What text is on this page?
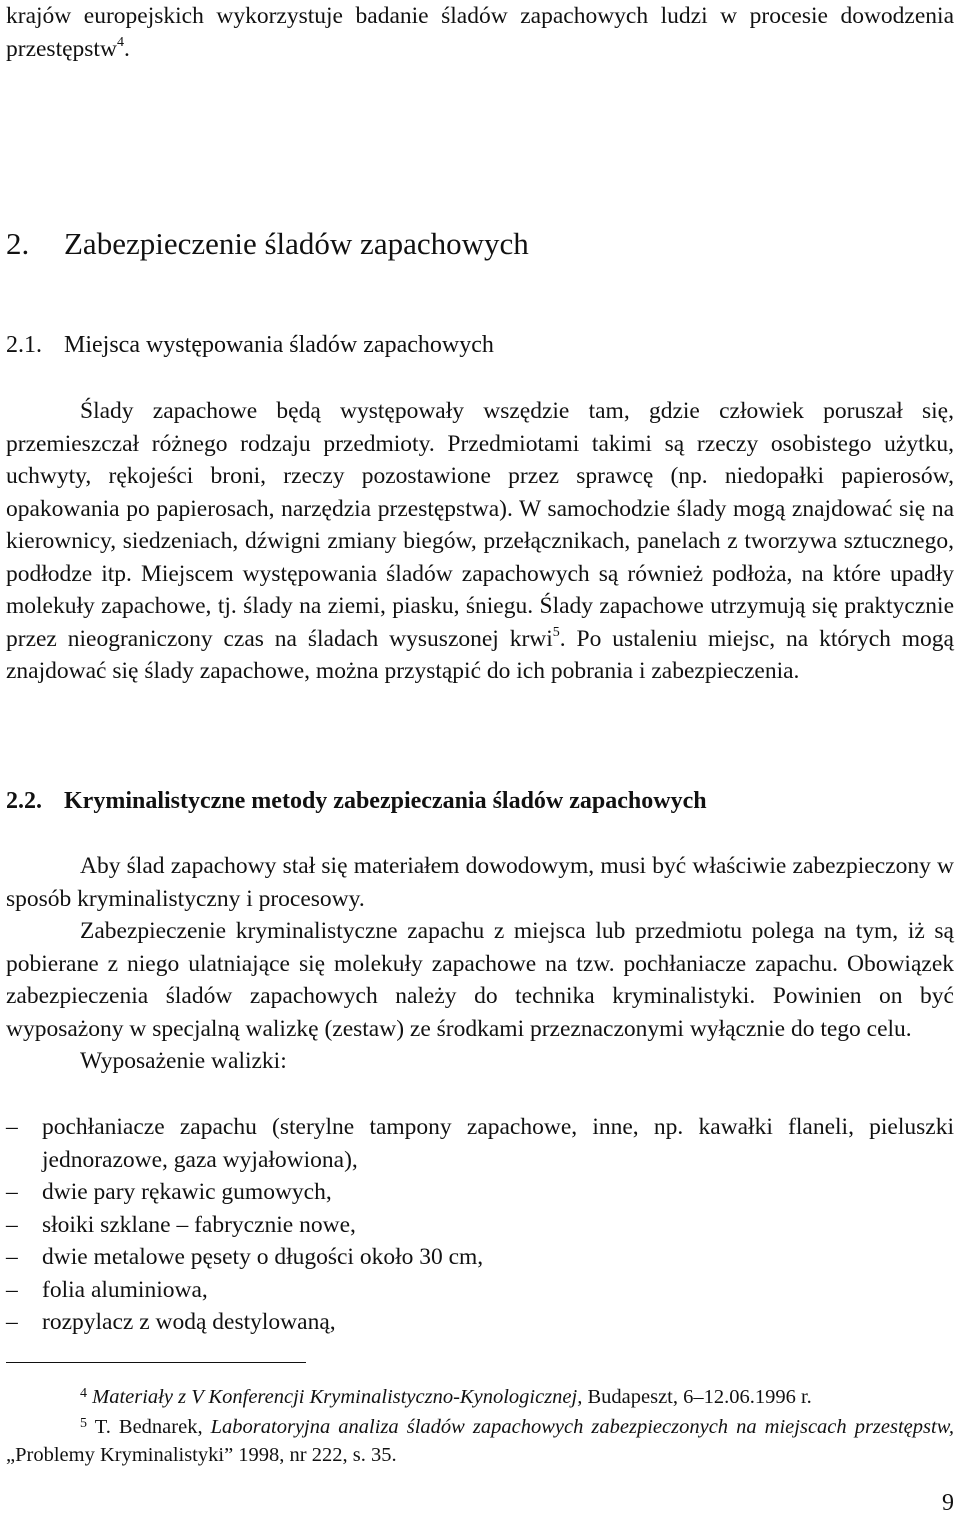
krajów europejskich wykorzystuje badanie śladów zapachowych ludzi w procesie dowodzenia przestępstw$^4$.

2. Zabezpieczenie śladów zapachowych
2.1. Miejsca występowania śladów zapachowych

Ślady zapachowe będą występowały wszędzie tam, gdzie człowiek poruszał się, przemieszczał różnego rodzaju przedmioty. Przedmiotami takimi są rzeczy osobistego użytku, uchwyty, rękojeści broni, rzeczy pozostawione przez sprawcę (np. niedopałki papierosów, opakowania po papierosach, narzędzia przestępstwa). W samochodzie ślady mogą znajdować się na kierownicy, siedzeniach, dźwigni zmiany biegów, przełącznikach, panelach z tworzywa sztucznego, podłodze itp. Miejscem występowania śladów zapachowych są również podłoża, na które upadły molekuły zapachowe, tj. ślady na ziemi, piasku, śniegu. Ślady zapachowe utrzymują się praktycznie przez nieograniczony czas na śladach wysuszonej krwi$^5$. Po ustaleniu miejsc, na których mogą znajdować się ślady zapachowe, można przystąpić do ich pobrania i zabezpieczenia.

2.2. Kryminalistyczne metody zabezpieczania śladów zapachowych

Aby ślad zapachowy stał się materiałem dowodowym, musi być właściwie zabezpieczony w sposób kryminalistyczny i procesowy.

Zabezpieczenie kryminalistyczne zapachu z miejsca lub przedmiotu polega na tym, iż są pobierane z niego ulatniające się molekuły zapachowe na tzw. pochłaniacze zapachu. Obowiązek zabezpieczenia śladów zapachowych należy do technika kryminalistyki. Powinien on być wyposażony w specjalną walizkę (zestaw) ze środkami przeznaczonymi wyłącznie do tego celu.

Wyposażenie walizki:

–	pochłaniacze zapachu (sterylne tampony zapachowe, inne, np. kawałki flaneli, pieluszki jednorazowe, gaza wyjałowiona),
–	dwie pary rękawic gumowych,
–	słoiki szklane – fabrycznie nowe,
–	dwie metalowe pęsety o długości około 30 cm,
–	folia aluminiowa,
–	rozpylacz z wodą destylowaną,
$^4$ Materiały z V Konferencji Kryminalistyczno-Kynologicznej, Budapeszt, 6–12.06.1996 r.
$^5$ T. Bednarek, Laboratoryjna analiza śladów zapachowych zabezpieczonych na miejscach przestępstw, „Problemy Kryminalistyki” 1998, nr 222, s. 35.
9
